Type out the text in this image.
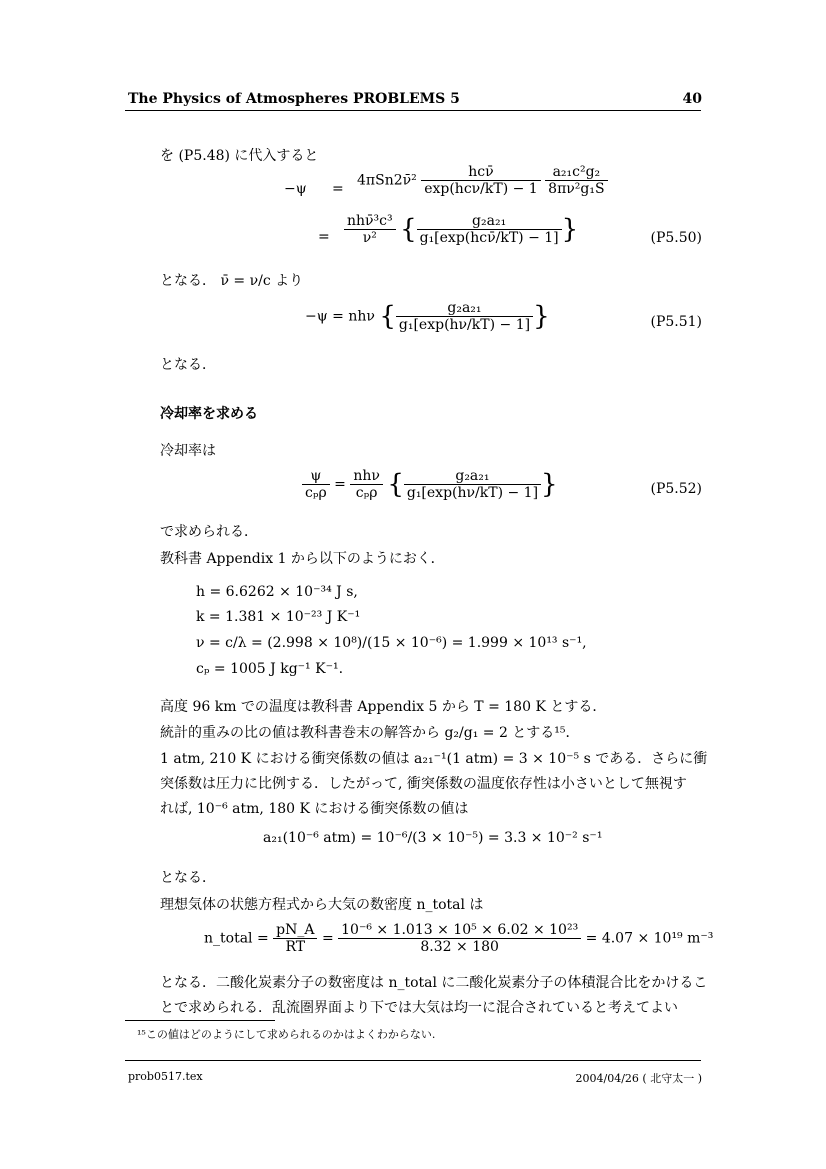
The Physics of Atmospheres PROBLEMS 5	40
を (P5.48) に代入すると
−ψ =
4πSn2ν̄² $\frac{\text{hcν̄}}{\text{exp(hcν/kT) − 1}}$
$\frac{\text{a₂₁c²g₂}}{\text{8πν²g₁S}}$
= $\frac{\text{nhν̄³c³}}{\text{ν²}}$ { $\frac{\text{g₂a₂₁}}{\text{g₁[exp(hcν̄/kT) − 1]}}$ }	(P5.50)
となる． ν̄ = ν/c より
−ψ = nhν { $\frac{\text{g₂a₂₁}}{\text{g₁[exp(hν/kT) − 1]}}$ }	(P5.51)
となる．
冷却率を求める
冷却率は
$\frac{\psi}{\text{cₚρ}} = \frac{\text{nhν}}{\text{cₚρ}}$ { $\frac{\text{g₂a₂₁}}{\text{g₁[exp(hν/kT) − 1]}}$ }	(P5.52)
で求められる．
教科書 Appendix 1 から以下のようにおく．
h = 6.6262 × 10⁻³⁴ J s,
k = 1.381 × 10⁻²³ J K⁻¹
ν = c/λ = (2.998 × 10⁸)/(15 × 10⁻⁶) = 1.999 × 10¹³ s⁻¹,
cₚ = 1005 J kg⁻¹ K⁻¹.
高度 96 km での温度は教科書 Appendix 5 から T = 180 K とする．
統計的重みの比の値は教科書巻末の解答から g₂/g₁ = 2 とする¹⁵．
1 atm, 210 K における衝突係数の値は a₂₁⁻¹(1 atm) = 3 × 10⁻⁵ s である．さらに衝
突係数は圧力に比例する．したがって, 衝突係数の温度依存性は小さいとして無視す
れば, 10⁻⁶ atm, 180 K における衝突係数の値は
a₂₁(10⁻⁶ atm) = 10⁻⁶/(3 × 10⁻⁵) = 3.3 × 10⁻² s⁻¹
となる．
理想気体の状態方程式から大気の数密度 n_total は
n_total = $\frac{pN\_A}{RT} = \frac{\text{10⁻⁶ × 1.013 × 10⁵ × 6.02 × 10²³}}{8.32 \times 180} = 4.07 \times 10^{19}$ m⁻³
となる．二酸化炭素分子の数密度は n_total に二酸化炭素分子の体積混合比をかけるこ
とで求められる．乱流圏界面より下では大気は均一に混合されていると考えてよい
¹⁵この値はどのようにして求められるのかはよくわからない.
prob0517.tex	2004/04/26 ( 北守太一 )
